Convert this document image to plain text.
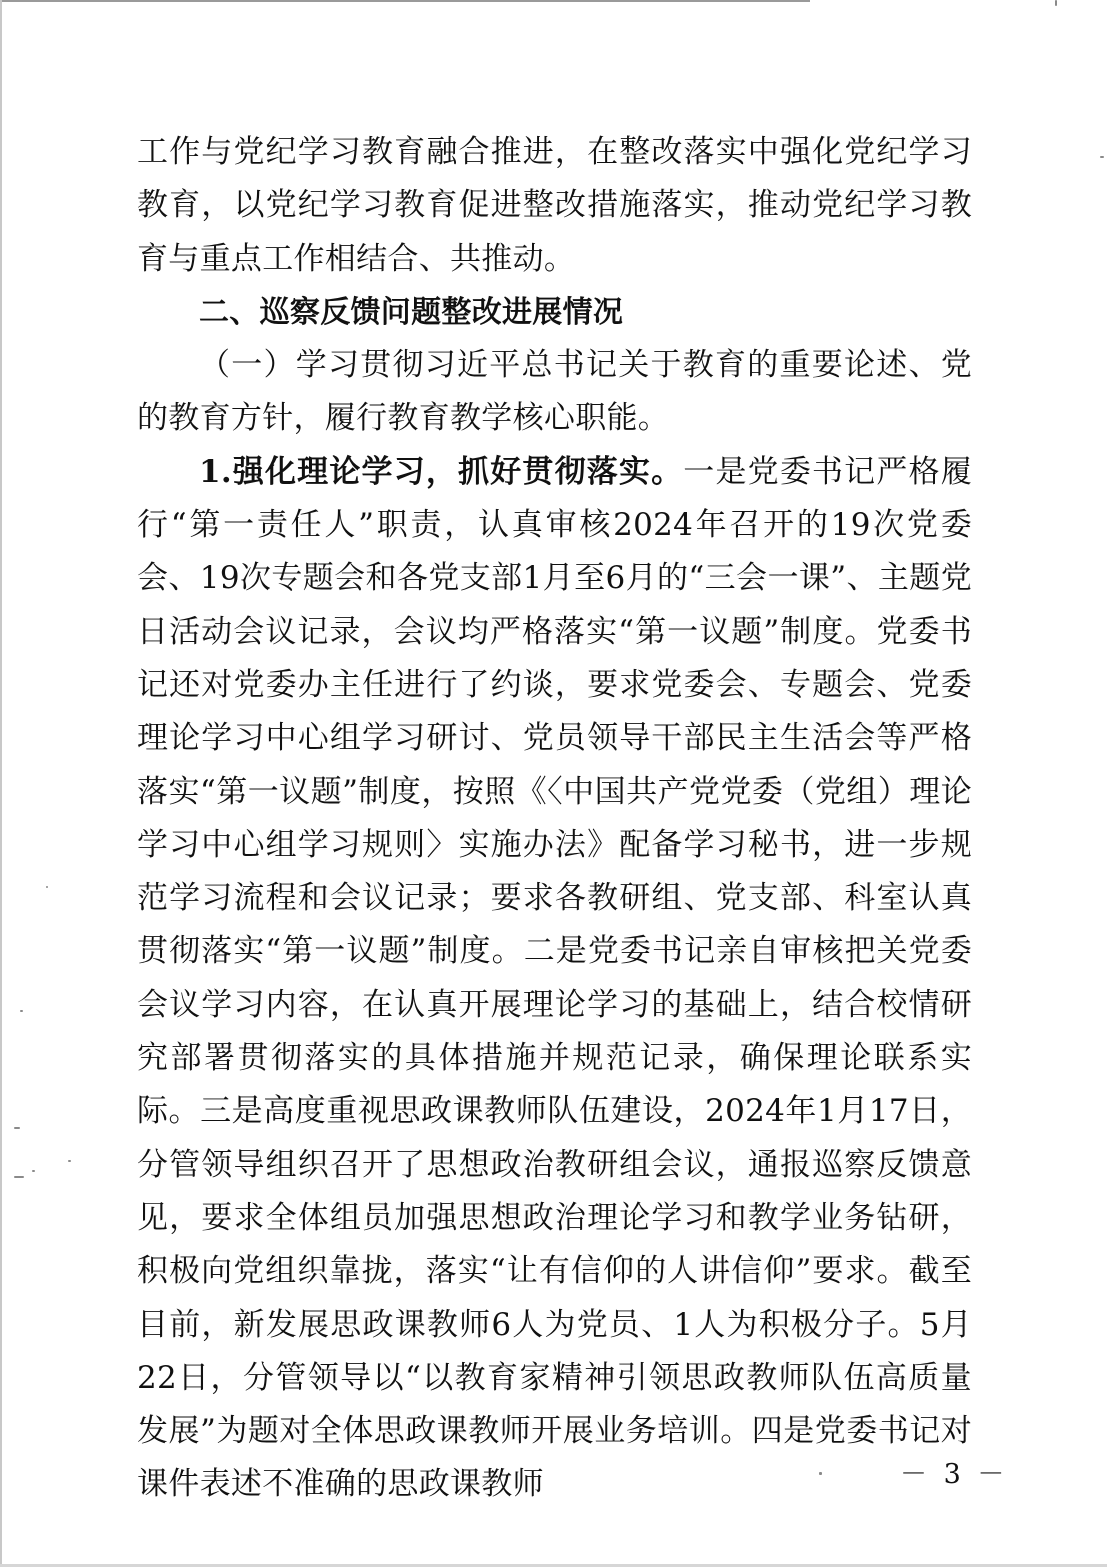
工作与党纪学习教育融合推进，在整改落实中强化党纪学习教育，以党纪学习教育促进整改措施落实，推动党纪学习教育与重点工作相结合、共推动。

二、巡察反馈问题整改进展情况

（一）学习贯彻习近平总书记关于教育的重要论述、党的教育方针，履行教育教学核心职能。

1.强化理论学习，抓好贯彻落实。一是党委书记严格履行“第一责任人”职责，认真审核2024年召开的19次党委会、19次专题会和各党支部1月至6月的“三会一课”、主题党日活动会议记录，会议均严格落实“第一议题”制度。党委书记还对党委办主任进行了约谈，要求党委会、专题会、党委理论学习中心组学习研讨、党员领导干部民主生活会等严格落实“第一议题”制度，按照《〈中国共产党党委（党组）理论学习中心组学习规则〉实施办法》配备学习秘书，进一步规范学习流程和会议记录；要求各教研组、党支部、科室认真贯彻落实“第一议题”制度。二是党委书记亲自审核把关党委会议学习内容，在认真开展理论学习的基础上，结合校情研究部署贯彻落实的具体措施并规范记录，确保理论联系实际。三是高度重视思政课教师队伍建设，2024年1月17日，分管领导组织召开了思想政治教研组会议，通报巡察反馈意见，要求全体组员加强思想政治理论学习和教学业务钻研，积极向党组织靠拢，落实“让有信仰的人讲信仰”要求。截至目前，新发展思政课教师6人为党员、1人为积极分子。5月22日，分管领导以“以教育家精神引领思政教师队伍高质量发展”为题对全体思政课教师开展业务培训。四是党委书记对课件表述不准确的思政课教师	－ 3 －
